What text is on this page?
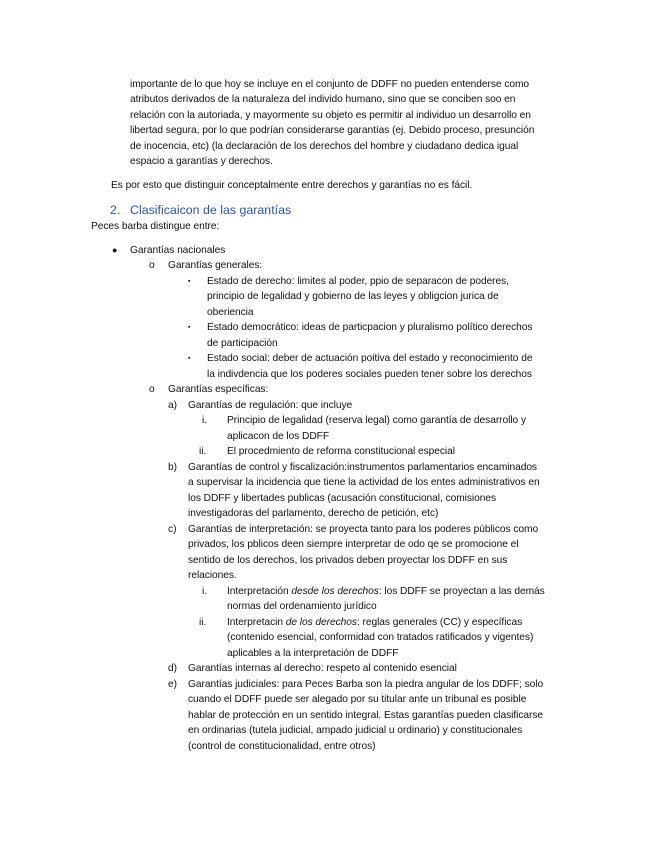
importante de lo que hoy se incluye en el conjunto de DDFF no pueden entenderse como
atributos derivados de la naturaleza del individo humano, sino que se conciben soo en
relación con la autoriada, y mayormente su objeto es permitir al individuo un desarrollo en
libertad segura, por lo que podrían considerarse garantías (ej. Debido proceso, presunción
de inocencia, etc) (la declaración de los derechos del hombre y ciudadano dedica igual
espacio a garantías y derechos.
Es por esto que distinguir conceptalmente entre derechos y garantías no es fácil.
2. Clasificaicon de las garantías
Peces barba distingue entre:
● Garantías nacionales
o Garantías generales:
▪ Estado de derecho: limites al poder, ppio de separacon de poderes,
principio de legalidad y gobierno de las leyes y obligcion jurica de
oberiencia
▪ Estado democrático: ideas de particpacion y pluralismo político derechos
de participación
▪ Estado social: deber de actuación poitiva del estado y reconocimiento de
la indivdencia que los poderes sociales pueden tener sobre los derechos
o Garantías específicas:
a) Garantías de regulación: que incluye
i. Principio de legalidad (reserva legal) como garantía de desarrollo y
aplicacon de los DDFF
ii. El procedmiento de reforma constitucional especial
b) Garantías de control y fiscalización:instrumentos parlamentarios encaminados
a supervisar la incidencia que tiene la actividad de los entes administrativos en
los DDFF y libertades publicas (acusación constitucional, comisiones
investigadoras del parlamento, derecho de petición, etc)
c) Garantías de interpretación: se proyecta tanto para los poderes públicos como
privados, los pblicos deen siempre interpretar de odo qe se promocione el
sentido de los derechos, los privados deben proyectar los DDFF en sus
relaciones.
i. Interpretación desde los derechos: los DDFF se proyectan a las demás
normas del ordenamiento jurídico
ii. Interpretacin de los derechos: reglas generales (CC) y específicas
(contenido esencial, conformidad con tratados ratificados y vigentes)
aplicables a la interpretación de DDFF
d) Garantías internas al derecho: respeto al contenido esencial
e) Garantías judiciales: para Peces Barba son la piedra angular de los DDFF; solo
cuando el DDFF puede ser alegado por su titular ante un tribunal es posible
hablar de protección en un sentido integral. Estas garantías pueden clasificarse
en ordinarias (tutela judicial, ampado judicial u ordinario) y constitucionales
(control de constitucionalidad, entre otros)
